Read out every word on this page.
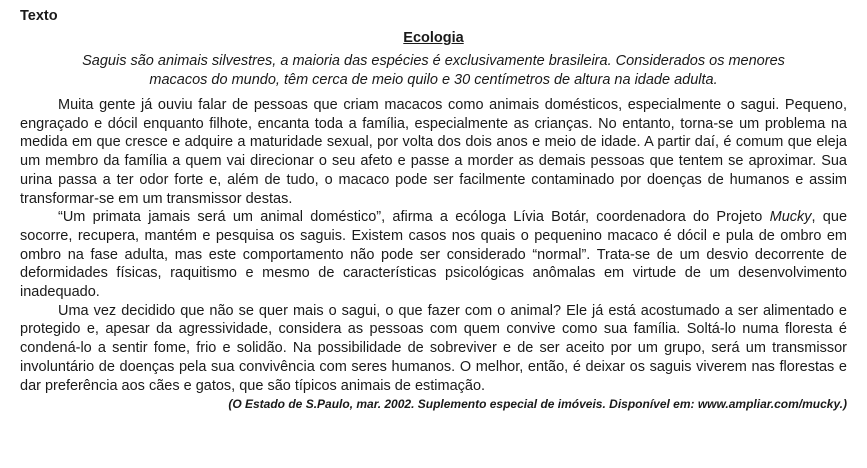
Texto

Ecologia

Saguis são animais silvestres, a maioria das espécies é exclusivamente brasileira. Considerados os menores macacos do mundo, têm cerca de meio quilo e 30 centímetros de altura na idade adulta.

Muita gente já ouviu falar de pessoas que criam macacos como animais domésticos, especialmente o sagui. Pequeno, engraçado e dócil enquanto filhote, encanta toda a família, especialmente as crianças. No entanto, torna-se um problema na medida em que cresce e adquire a maturidade sexual, por volta dos dois anos e meio de idade. A partir daí, é comum que eleja um membro da família a quem vai direcionar o seu afeto e passe a morder as demais pessoas que tentem se aproximar. Sua urina passa a ter odor forte e, além de tudo, o macaco pode ser facilmente contaminado por doenças de humanos e assim transformar-se em um transmissor destas.

“Um primata jamais será um animal doméstico”, afirma a ecóloga Lívia Botár, coordenadora do Projeto Mucky, que socorre, recupera, mantém e pesquisa os saguis. Existem casos nos quais o pequenino macaco é dócil e pula de ombro em ombro na fase adulta, mas este comportamento não pode ser considerado “normal”. Trata-se de um desvio decorrente de deformidades físicas, raquitismo e mesmo de características psicológicas anômalas em virtude de um desenvolvimento inadequado.

Uma vez decidido que não se quer mais o sagui, o que fazer com o animal? Ele já está acostumado a ser alimentado e protegido e, apesar da agressividade, considera as pessoas com quem convive como sua família. Soltá-lo numa floresta é condená-lo a sentir fome, frio e solidão. Na possibilidade de sobreviver e de ser aceito por um grupo, será um transmissor involuntário de doenças pela sua convivência com seres humanos. O melhor, então, é deixar os saguis viverem nas florestas e dar preferência aos cães e gatos, que são típicos animais de estimação.

(O Estado de S.Paulo, mar. 2002. Suplemento especial de imóveis. Disponível em: www.ampliar.com/mucky.)
